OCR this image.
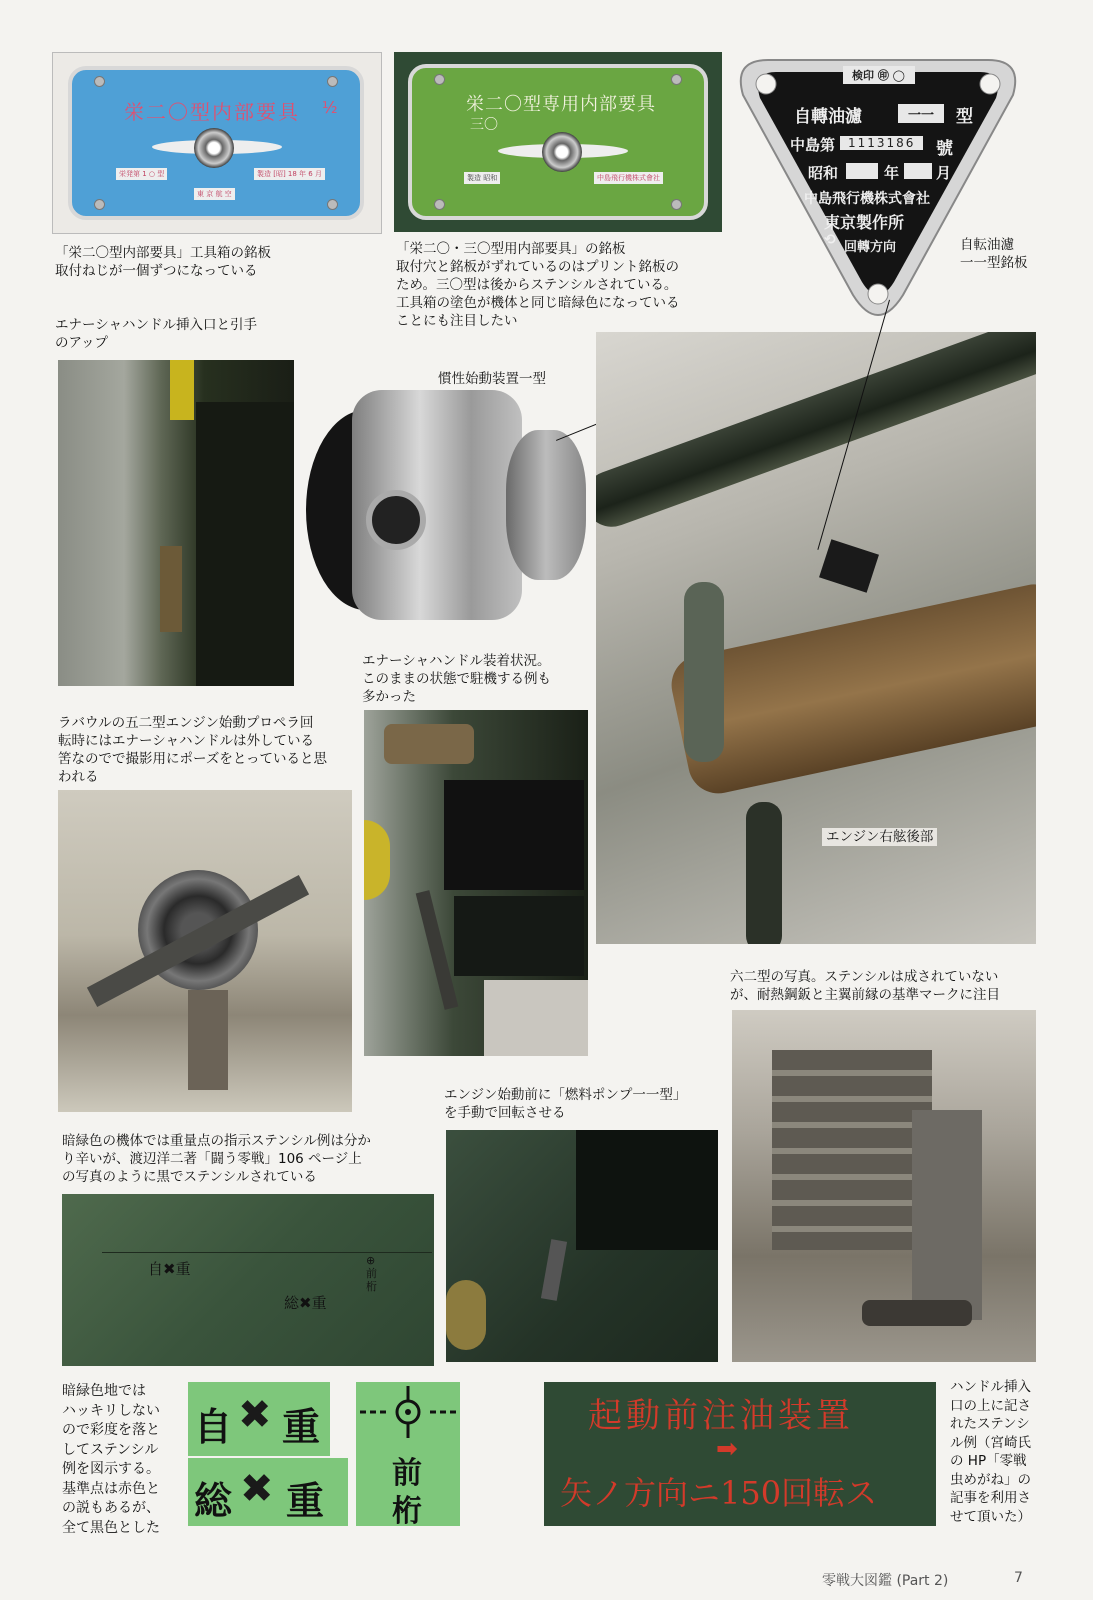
栄二〇型内部要具 ½
栄発第 1 ○ 型	製造 [昭] 18 年 6 月
東 京 航 空
栄二〇型専用内部要具
三〇
製造 昭和	中島飛行機株式會社
検印 ㊞ ◯
自轉油濾	一一	型
中島第	1113186	號
昭和	年 月
中島飛行機株式會社
東京製作所
⟲ 回轉方向
「栄二〇型内部要具」工具箱の銘板
取付ねじが一個ずつになっている
「栄二〇・三〇型用内部要具」の銘板
取付穴と銘板がずれているのはプリント銘板の
ため。三〇型は後からステンシルされている。
工具箱の塗色が機体と同じ暗緑色になっている
ことにも注目したい
自転油濾
一一型銘板
エナーシャハンドル挿入口と引手
のアップ
慣性始動装置一型
エンジン右舷後部
エナーシャハンドル装着状況。
このままの状態で駐機する例も
多かった
ラバウルの五二型エンジン始動プロペラ回
転時にはエナーシャハンドルは外している
筈なのでで撮影用にポーズをとっていると思
われる
六二型の写真。ステンシルは成されていない
が、耐熱鋼鈑と主翼前縁の基準マークに注目
エンジン始動前に「燃料ポンプ一一型」
を手動で回転させる
暗緑色の機体では重量点の指示ステンシル例は分か
り辛いが、渡辺洋二著「闘う零戦」106 ページ上
の写真のように黒でステンシルされている
自✖重
総✖重
⊕
前
桁
暗緑色地では
ハッキリしない
ので彩度を落と
してステンシル
例を図示する。
基準点は赤色と
の説もあるが、
全て黒色とした
自 ✖ 重
総 ✖ 重
前
桁
起動前注油装置
➡
矢ノ方向ニ150回転ス
ハンドル挿入
口の上に記さ
れたステンシ
ル例（宮崎氏
の HP「零戦
虫めがね」の
記事を利用さ
せて頂いた）
零戦大図鑑 (Part 2)	7
